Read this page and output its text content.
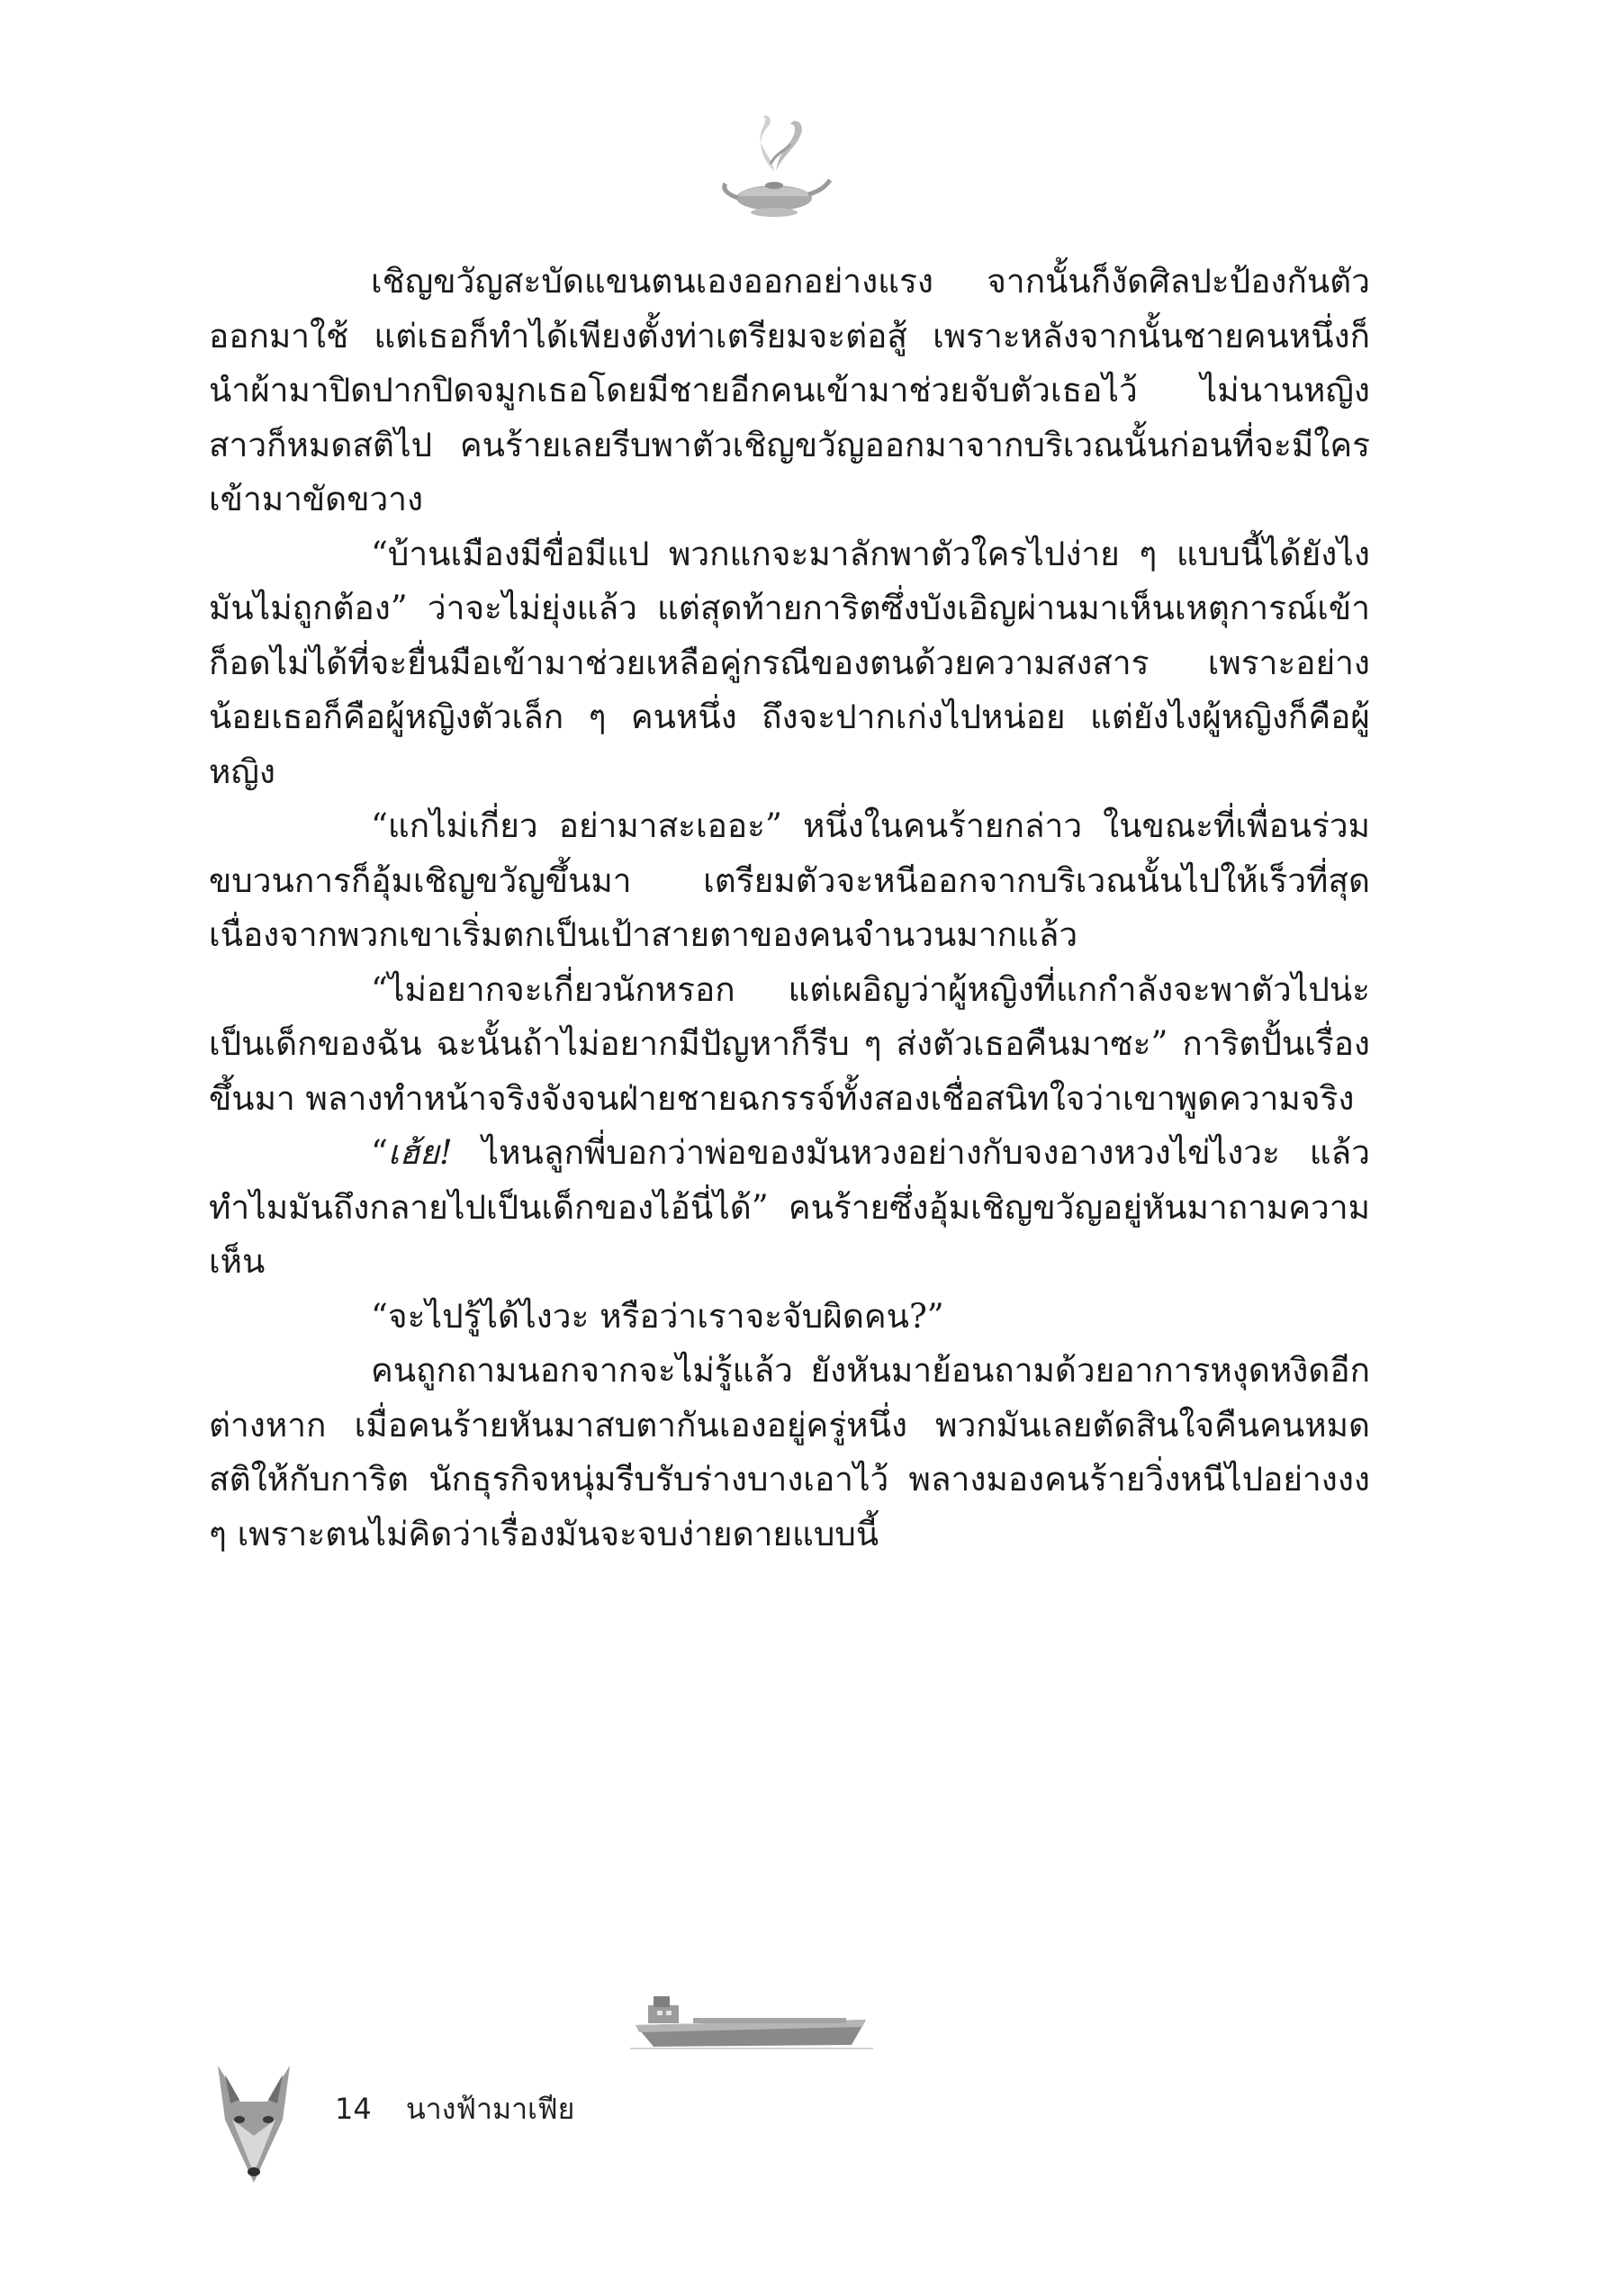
เชิญขวัญสะบัดแขนตนเองออกอย่างแรง จากนั้นก็งัดศิลปะป้องกันตัวออกมาใช้ แต่เธอก็ทำได้เพียงตั้งท่าเตรียมจะต่อสู้ เพราะหลังจากนั้นชายคนหนึ่งก็นำผ้ามาปิดปากปิดจมูกเธอโดยมีชายอีกคนเข้ามาช่วยจับตัวเธอไว้ ไม่นานหญิงสาวก็หมดสติไป คนร้ายเลยรีบพาตัวเชิญขวัญออกมาจากบริเวณนั้นก่อนที่จะมีใครเข้ามาขัดขวาง

“บ้านเมืองมีขื่อมีแป พวกแกจะมาลักพาตัวใครไปง่าย ๆ แบบนี้ได้ยังไง มันไม่ถูกต้อง” ว่าจะไม่ยุ่งแล้ว แต่สุดท้ายการิตซึ่งบังเอิญผ่านมาเห็นเหตุการณ์เข้าก็อดไม่ได้ที่จะยื่นมือเข้ามาช่วยเหลือคู่กรณีของตนด้วยความสงสาร เพราะอย่างน้อยเธอก็คือผู้หญิงตัวเล็ก ๆ คนหนึ่ง ถึงจะปากเก่งไปหน่อย แต่ยังไงผู้หญิงก็คือผู้หญิง

“แกไม่เกี่ยว อย่ามาสะเออะ” หนึ่งในคนร้ายกล่าว ในขณะที่เพื่อนร่วมขบวนการก็อุ้มเชิญขวัญขึ้นมา เตรียมตัวจะหนีออกจากบริเวณนั้นไปให้เร็วที่สุด เนื่องจากพวกเขาเริ่มตกเป็นเป้าสายตาของคนจำนวนมากแล้ว

“ไม่อยากจะเกี่ยวนักหรอก แต่เผอิญว่าผู้หญิงที่แกกำลังจะพาตัวไปน่ะ เป็นเด็กของฉัน ฉะนั้นถ้าไม่อยากมีปัญหาก็รีบ ๆ ส่งตัวเธอคืนมาซะ” การิตปั้นเรื่องขึ้นมา พลางทำหน้าจริงจังจนฝ่ายชายฉกรรจ์ทั้งสองเชื่อสนิทใจว่าเขาพูดความจริง

“เฮ้ย! ไหนลูกพี่บอกว่าพ่อของมันหวงอย่างกับจงอางหวงไข่ไงวะ แล้วทำไมมันถึงกลายไปเป็นเด็กของไอ้นี่ได้” คนร้ายซึ่งอุ้มเชิญขวัญอยู่หันมาถามความเห็น

“จะไปรู้ได้ไงวะ หรือว่าเราจะจับผิดคน?”

คนถูกถามนอกจากจะไม่รู้แล้ว ยังหันมาย้อนถามด้วยอาการหงุดหงิดอีกต่างหาก เมื่อคนร้ายหันมาสบตากันเองอยู่ครู่หนึ่ง พวกมันเลยตัดสินใจคืนคนหมดสติให้กับการิต นักธุรกิจหนุ่มรีบรับร่างบางเอาไว้ พลางมองคนร้ายวิ่งหนีไปอย่างงง ๆ เพราะตนไม่คิดว่าเรื่องมันจะจบง่ายดายแบบนี้

14 นางฟ้ามาเฟีย
